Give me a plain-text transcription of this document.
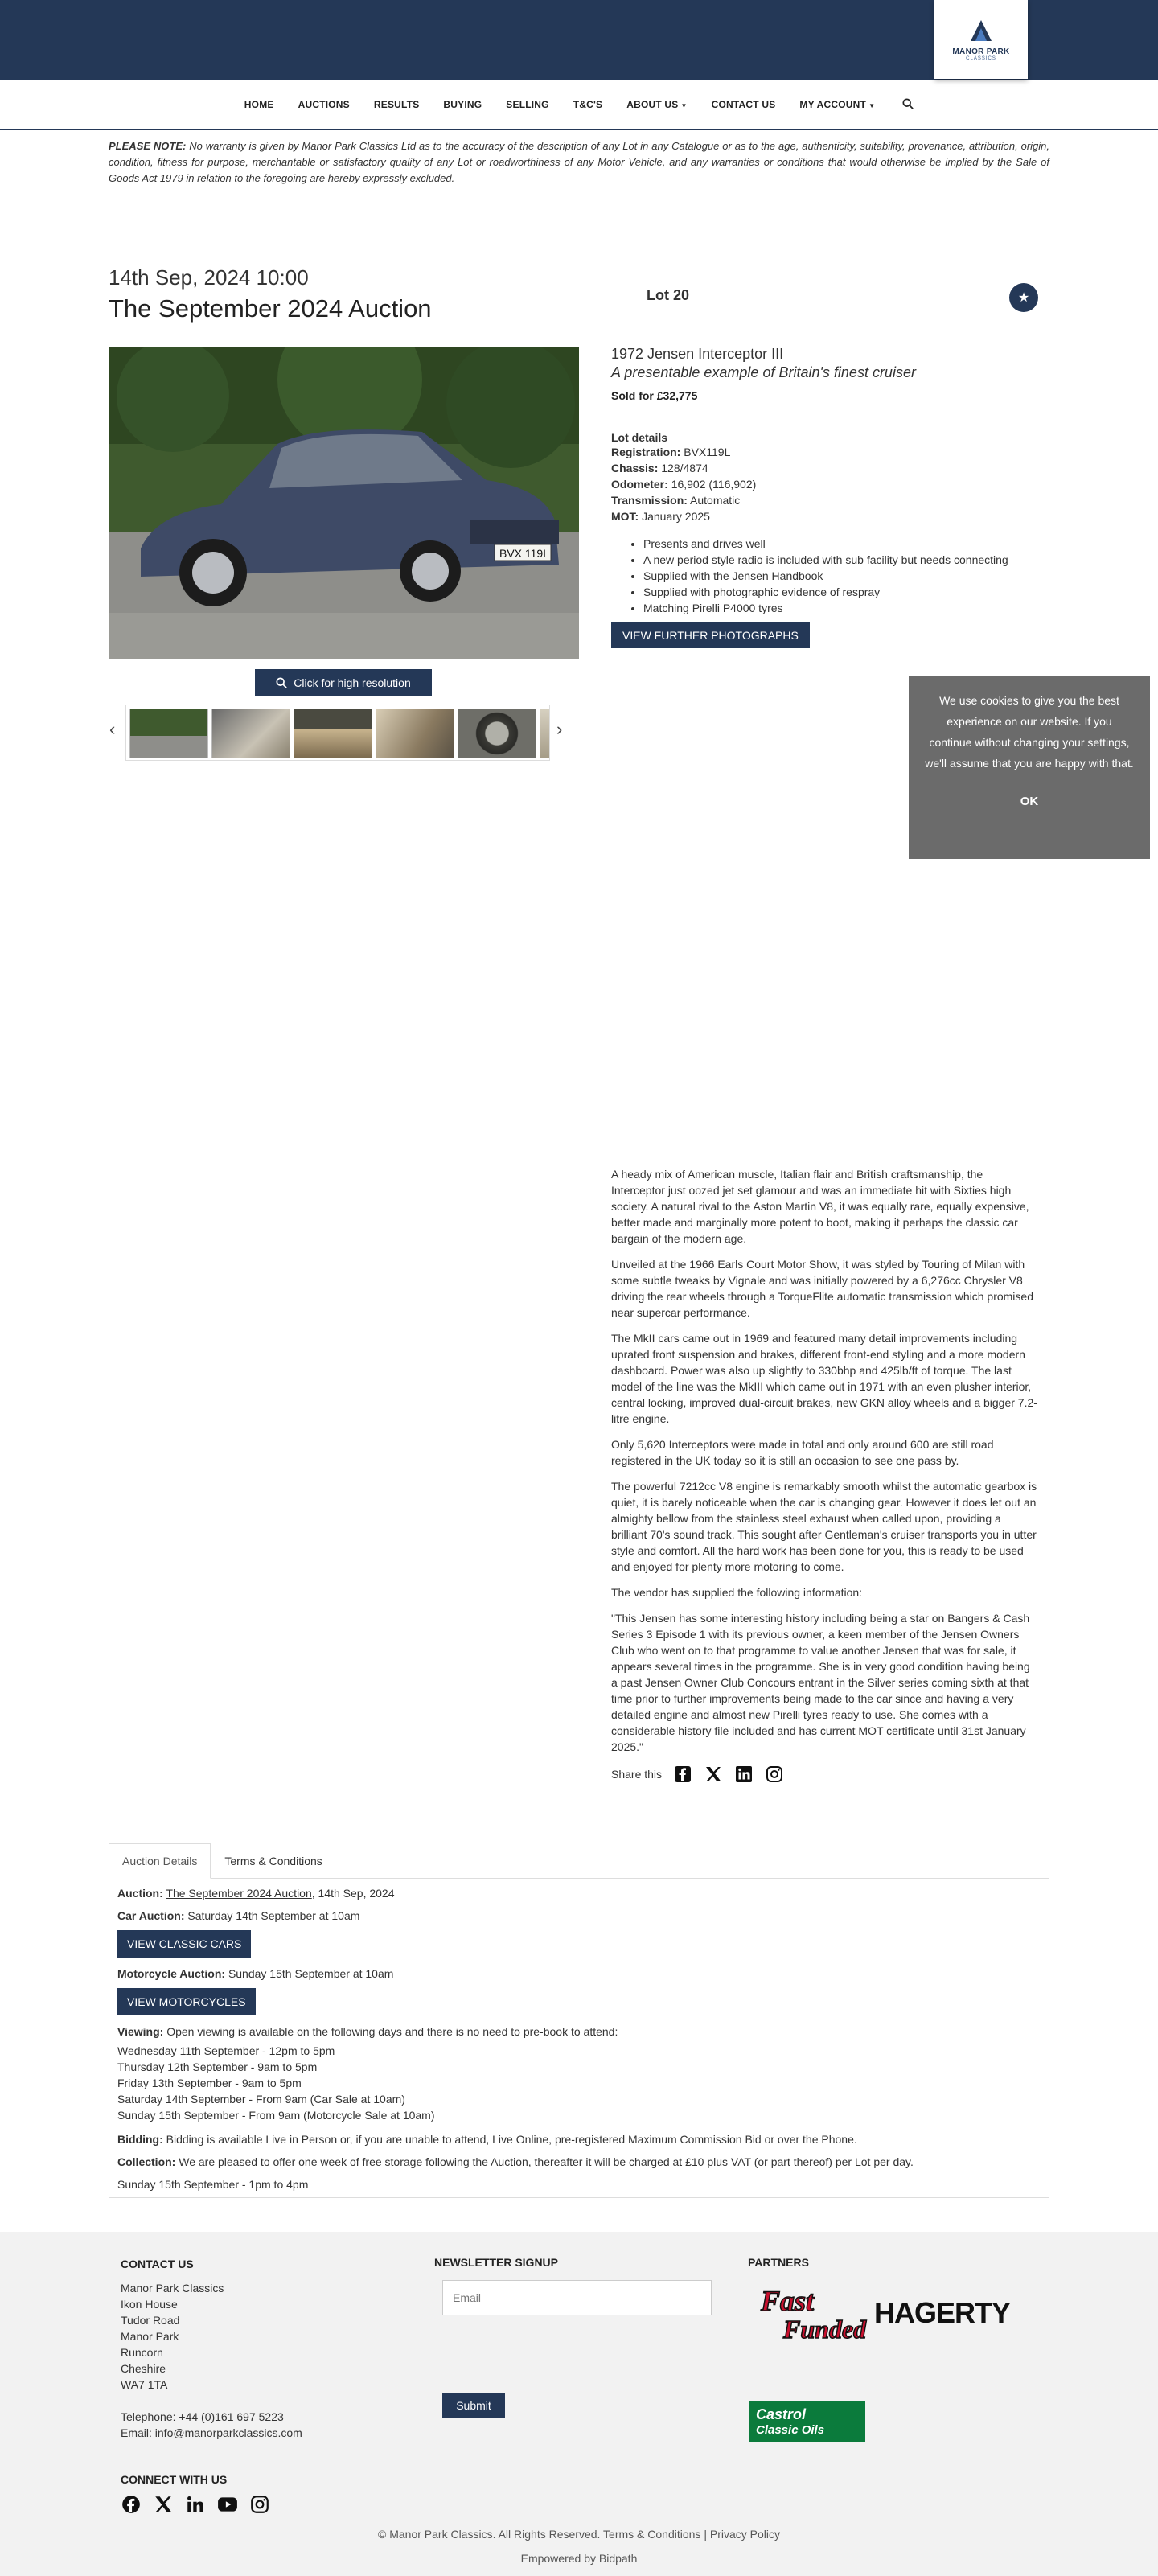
MANOR PARK
CLASSICS
HOME	AUCTIONS	RESULTS	BUYING	SELLING	T&C'S	ABOUT US ▼	CONTACT US	MY ACCOUNT ▼
PLEASE NOTE: No warranty is given by Manor Park Classics Ltd as to the accuracy of the description of any Lot in any Catalogue or as to the age, authenticity, suitability, provenance, attribution, origin, condition, fitness for purpose, merchantable or satisfactory quality of any Lot or roadworthiness of any Motor Vehicle, and any warranties or conditions that would otherwise be implied by the Sale of Goods Act 1979 in relation to the foregoing are hereby expressly excluded.
14th Sep, 2024 10:00
The September 2024 Auction	Lot 20	★
BVX 119L
Click for high resolution
‹	›
1972 Jensen Interceptor III
A presentable example of Britain's finest cruiser
Sold for £32,775
Lot details
Registration: BVX119L
Chassis: 128/4874
Odometer: 16,902 (116,902)
Transmission: Automatic
MOT: January 2025
• Presents and drives well
• A new period style radio is included with sub facility but needs connecting
• Supplied with the Jensen Handbook
• Supplied with photographic evidence of respray
• Matching Pirelli P4000 tyres
VIEW FURTHER PHOTOGRAPHS
We use cookies to give you the best experience on our website. If you continue without changing your settings, we'll assume that you are happy with that.
OK

A heady mix of American muscle, Italian flair and British craftsmanship, the Interceptor just oozed jet set glamour and was an immediate hit with Sixties high society. A natural rival to the Aston Martin V8, it was equally rare, equally expensive, better made and marginally more potent to boot, making it perhaps the classic car bargain of the modern age.

Unveiled at the 1966 Earls Court Motor Show, it was styled by Touring of Milan with some subtle tweaks by Vignale and was initially powered by a 6,276cc Chrysler V8 driving the rear wheels through a TorqueFlite automatic transmission which promised near supercar performance.

The MkII cars came out in 1969 and featured many detail improvements including uprated front suspension and brakes, different front-end styling and a more modern dashboard. Power was also up slightly to 330bhp and 425lb/ft of torque. The last model of the line was the MkIII which came out in 1971 with an even plusher interior, central locking, improved dual-circuit brakes, new GKN alloy wheels and a bigger 7.2-litre engine.

Only 5,620 Interceptors were made in total and only around 600 are still road registered in the UK today so it is still an occasion to see one pass by.

The powerful 7212cc V8 engine is remarkably smooth whilst the automatic gearbox is quiet, it is barely noticeable when the car is changing gear. However it does let out an almighty bellow from the stainless steel exhaust when called upon, providing a brilliant 70's sound track. This sought after Gentleman's cruiser transports you in utter style and comfort. All the hard work has been done for you, this is ready to be used and enjoyed for plenty more motoring to come.

The vendor has supplied the following information:

"This Jensen has some interesting history including being a star on Bangers & Cash Series 3 Episode 1 with its previous owner, a keen member of the Jensen Owners Club who went on to that programme to value another Jensen that was for sale, it appears several times in the programme. She is in very good condition having being a past Jensen Owner Club Concours entrant in the Silver series coming sixth at that time prior to further improvements being made to the car since and having a very detailed engine and almost new Pirelli tyres ready to use. She comes with a considerable history file included and has current MOT certificate until 31st January 2025."

Share this
Auction Details	Terms & Conditions

Auction: The September 2024 Auction, 14th Sep, 2024

Car Auction: Saturday 14th September at 10am

VIEW CLASSIC CARS

Motorcycle Auction: Sunday 15th September at 10am

VIEW MOTORCYCLES

Viewing: Open viewing is available on the following days and there is no need to pre-book to attend:

Wednesday 11th September - 12pm to 5pm
Thursday 12th September - 9am to 5pm
Friday 13th September - 9am to 5pm
Saturday 14th September - From 9am (Car Sale at 10am)
Sunday 15th September - From 9am (Motorcycle Sale at 10am)

Bidding: Bidding is available Live in Person or, if you are unable to attend, Live Online, pre-registered Maximum Commission Bid or over the Phone.

Collection: We are pleased to offer one week of free storage following the Auction, thereafter it will be charged at £10 plus VAT (or part thereof) per Lot per day.

Sunday 15th September - 1pm to 4pm
CONTACT US
Manor Park Classics
Ikon House
Tudor Road
Manor Park
Runcorn
Cheshire
WA7 1TA
Telephone: +44 (0)161 697 5223
Email: info@manorparkclassics.com
NEWSLETTER SIGNUP
Email
Submit
PARTNERS
Fast
Funded HAGERTY
Castrol
Classic Oils
CONNECT WITH US
© Manor Park Classics. All Rights Reserved. Terms & Conditions | Privacy Policy
Empowered by Bidpath
